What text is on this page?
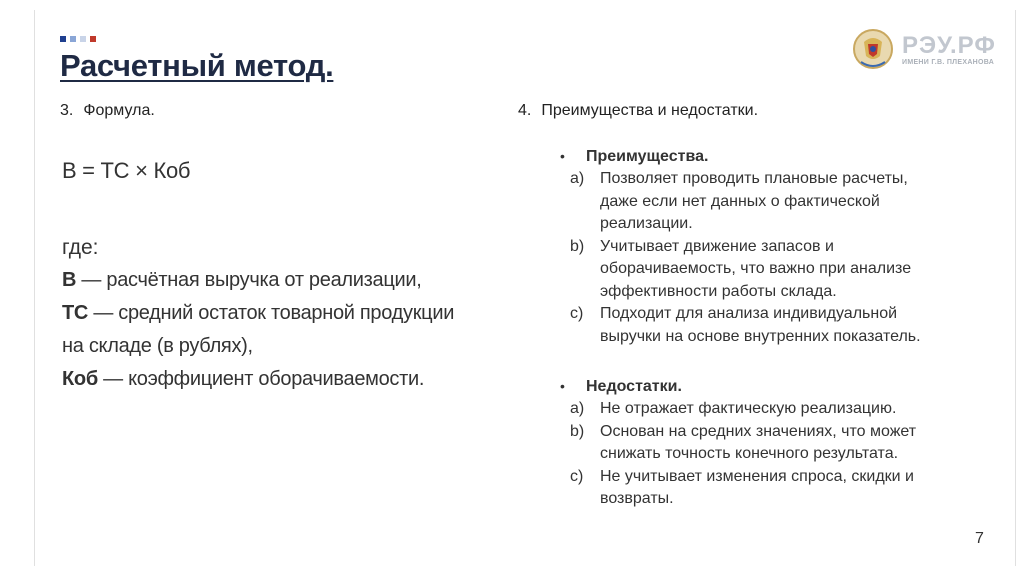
Расчетный метод.
РЭУ.РФ
ИМЕНИ Г.В. ПЛЕХАНОВА
3. Формула.
В = ТС × Коб
где:
В — расчётная выручка от реализации,
ТС — средний остаток товарной продукции
на складе (в рублях),
Коб — коэффициент оборачиваемости.
4. Преимущества и недостатки.
•	Преимущества.
a) Позволяет проводить плановые расчеты, даже если нет данных о фактической реализации.
b) Учитывает движение запасов и оборачиваемость, что важно при анализе эффективности работы склада.
c)	Подходит для анализа индивидуальной выручки на основе внутренних показатель.
•	Недостатки.
a) Не отражает фактическую реализацию.
b) Основан на средних значениях, что может снижать точность конечного результата.
c)	Не учитывает изменения спроса, скидки и возвраты.
7
